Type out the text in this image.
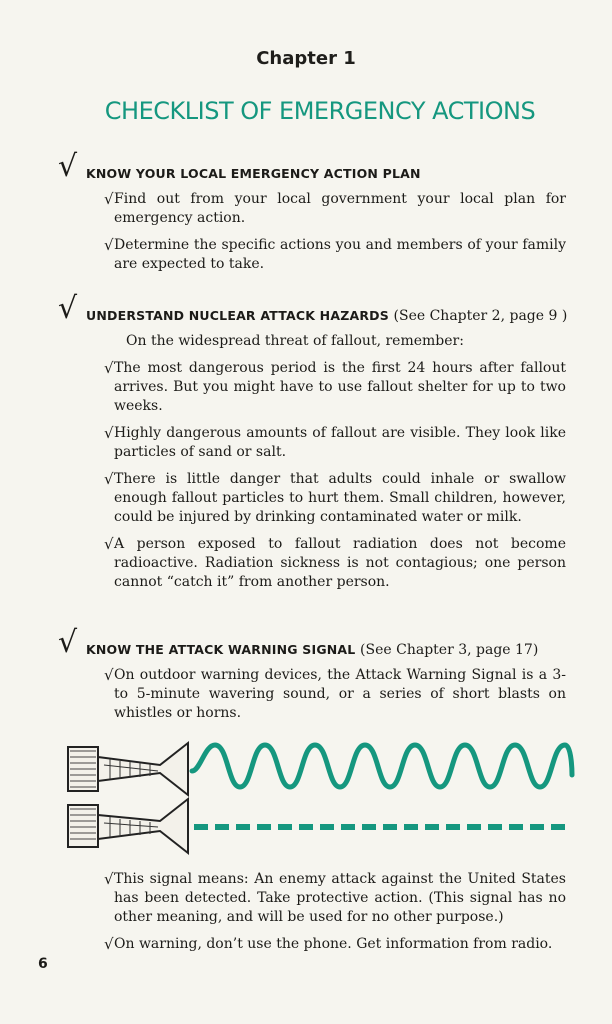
Chapter 1
CHECKLIST OF EMERGENCY ACTIONS
√ KNOW YOUR LOCAL EMERGENCY ACTION PLAN
√ Find out from your local government your local plan for emergency action.
√ Determine the specific actions you and members of your family are expected to take.
√ UNDERSTAND NUCLEAR ATTACK HAZARDS (See Chapter 2, page 9 )
On the widespread threat of fallout, remember:
√ The most dangerous period is the first 24 hours after fallout arrives. But you might have to use fallout shelter for up to two weeks.
√ Highly dangerous amounts of fallout are visible. They look like particles of sand or salt.
√ There is little danger that adults could inhale or swallow enough fallout particles to hurt them. Small children, however, could be injured by drinking contaminated water or milk.
√ A person exposed to fallout radiation does not become radioactive. Radiation sickness is not contagious; one person cannot “catch it” from another person.
√ KNOW THE ATTACK WARNING SIGNAL (See Chapter 3, page 17)
√ On outdoor warning devices, the Attack Warning Signal is a 3- to 5-minute wavering sound, or a series of short blasts on whistles or horns.
√ This signal means: An enemy attack against the United States has been detected. Take protective action. (This signal has no other meaning, and will be used for no other purpose.)
√ On warning, don’t use the phone. Get information from radio.
6
